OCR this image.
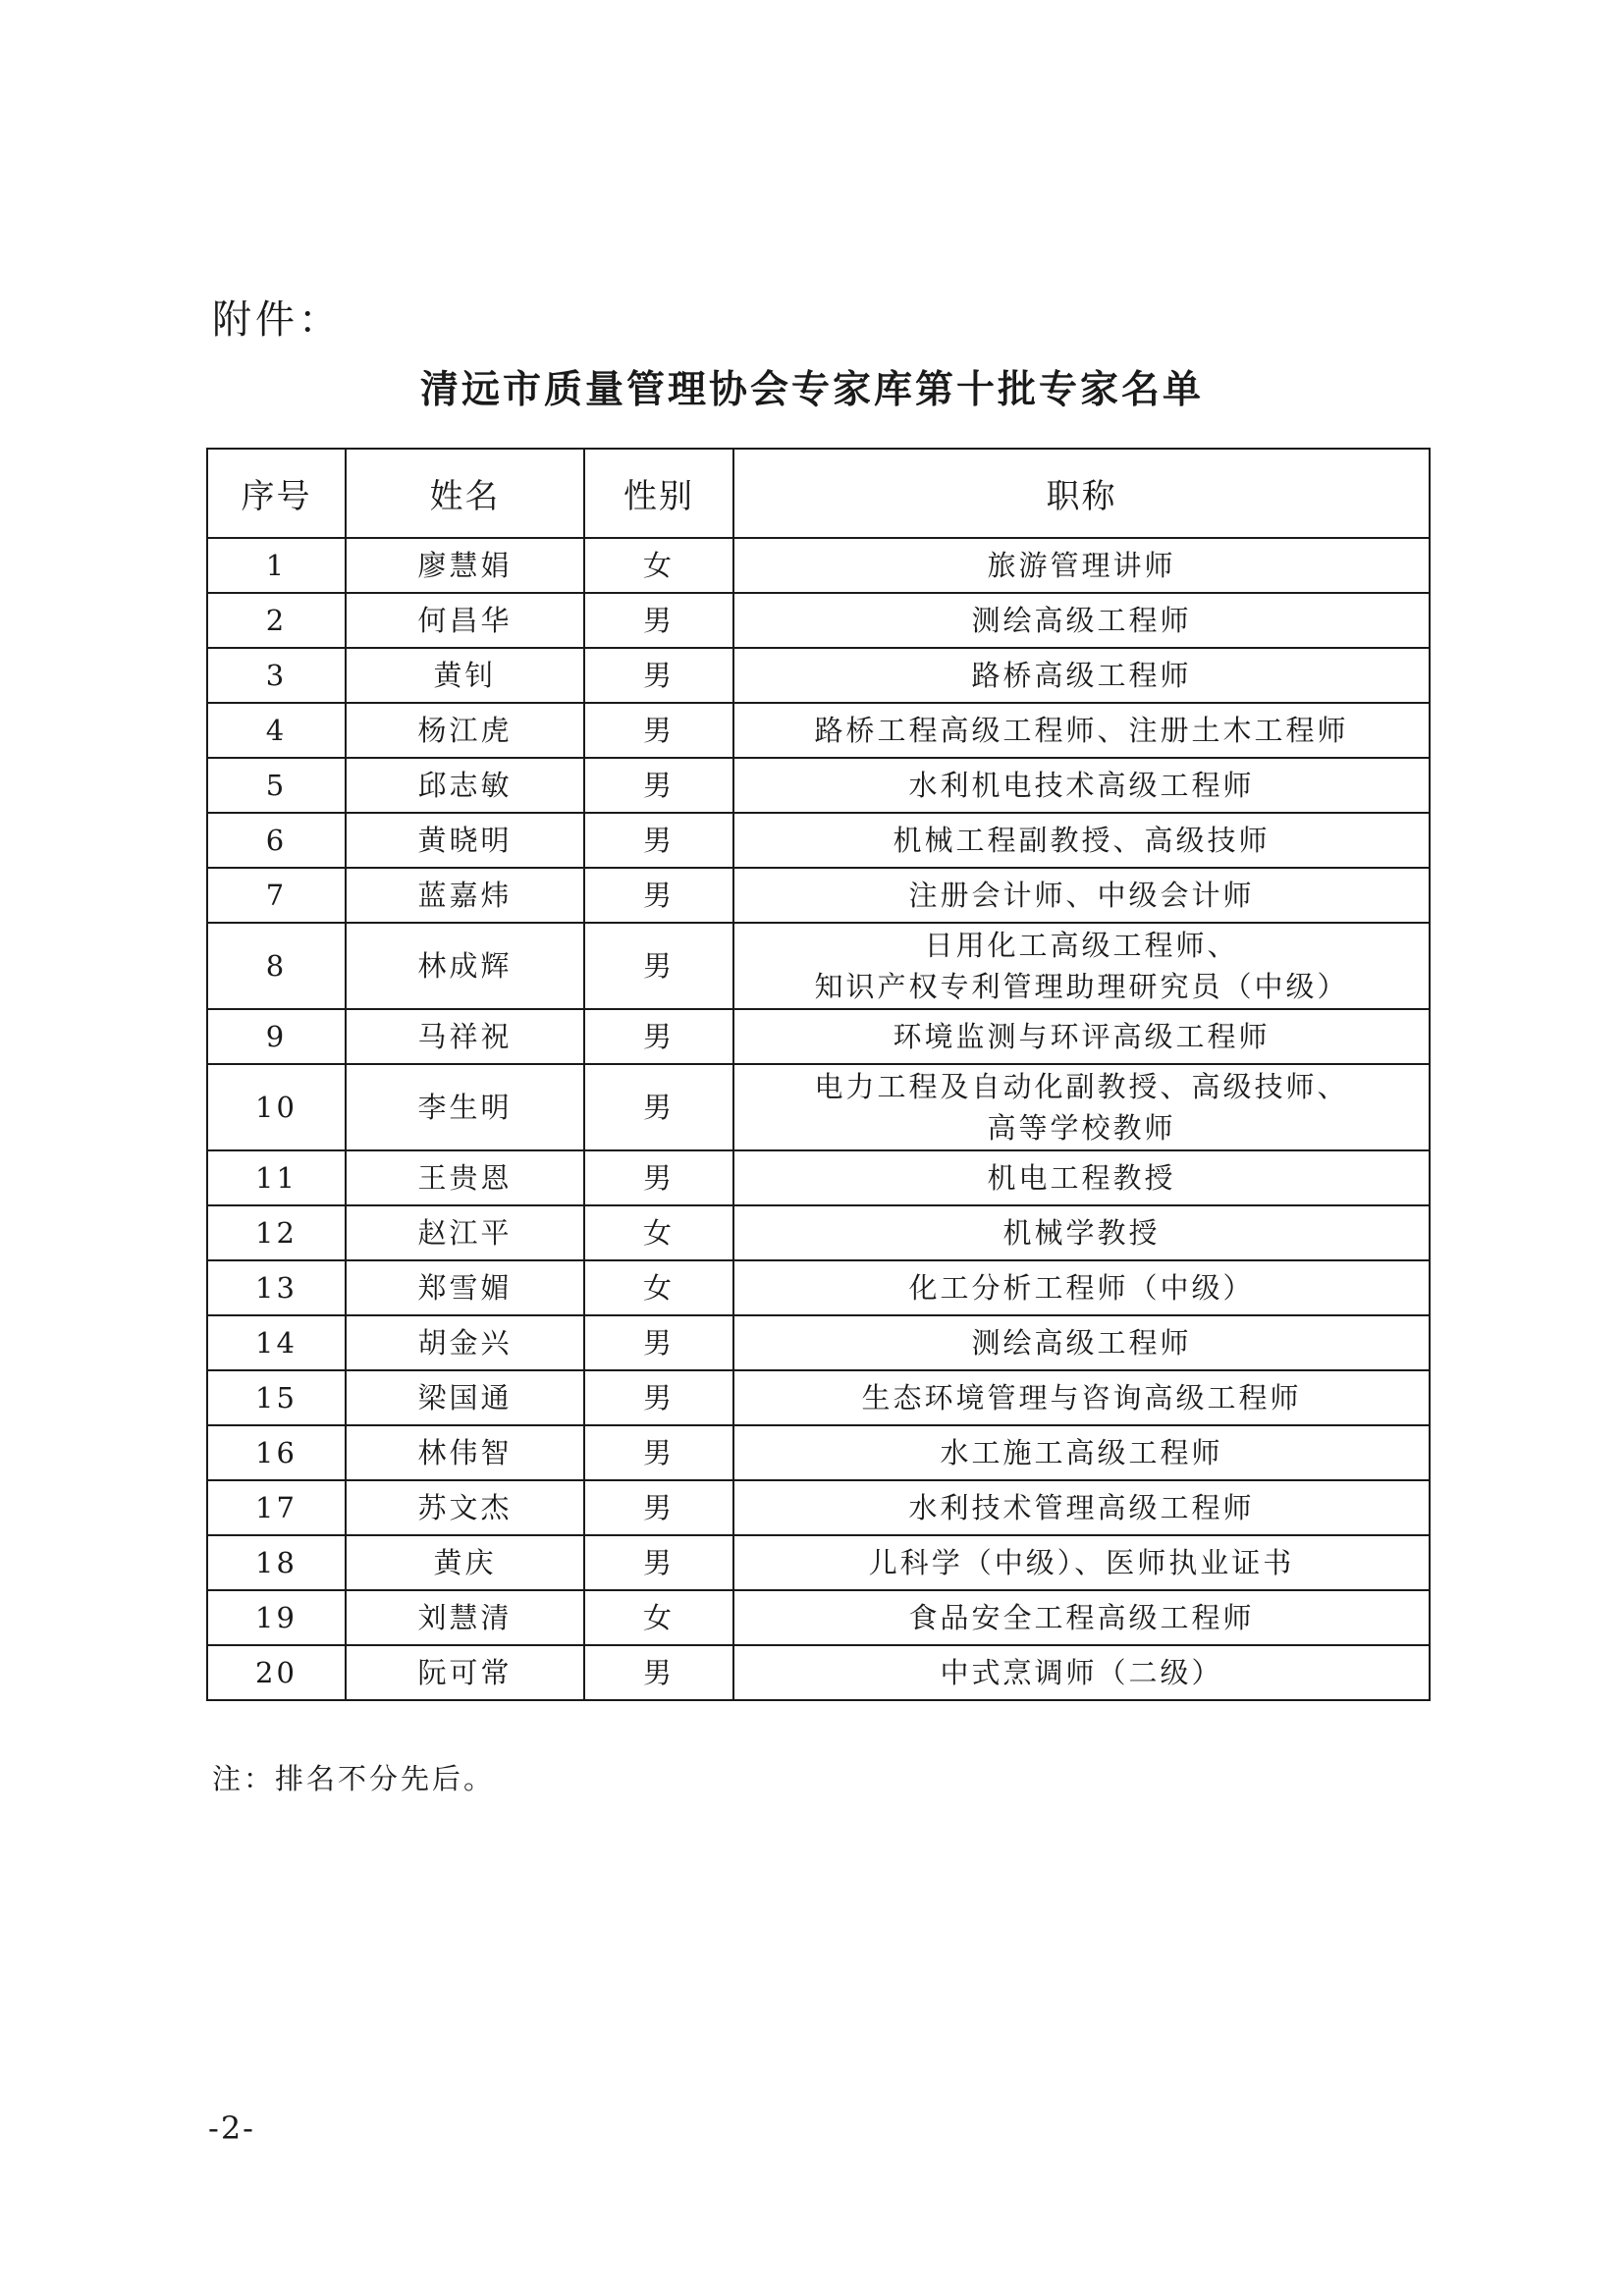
附件：
清远市质量管理协会专家库第十批专家名单
序号	姓名	性别	职称
1	廖慧娟	女	旅游管理讲师

2	何昌华	男	测绘高级工程师

3	黄钊	男	路桥高级工程师

4	杨江虎	男	路桥工程高级工程师、注册土木工程师

5	邱志敏	男	水利机电技术高级工程师

6	黄晓明	男	机械工程副教授、高级技师

7	蓝嘉炜	男	注册会计师、中级会计师

8	林成辉	男	日用化工高级工程师、
知识产权专利管理助理研究员（中级）

9	马祥祝	男	环境监测与环评高级工程师

10	李生明	男	电力工程及自动化副教授、高级技师、
高等学校教师

11	王贵恩	男	机电工程教授

12	赵江平	女	机械学教授

13	郑雪媚	女	化工分析工程师（中级）

14	胡金兴	男	测绘高级工程师

15	梁国通	男	生态环境管理与咨询高级工程师

16	林伟智	男	水工施工高级工程师

17	苏文杰	男	水利技术管理高级工程师

18	黄庆	男	儿科学（中级）、医师执业证书

19	刘慧清	女	食品安全工程高级工程师

20	阮可常	男	中式烹调师（二级）
注：排名不分先后。
-2-
